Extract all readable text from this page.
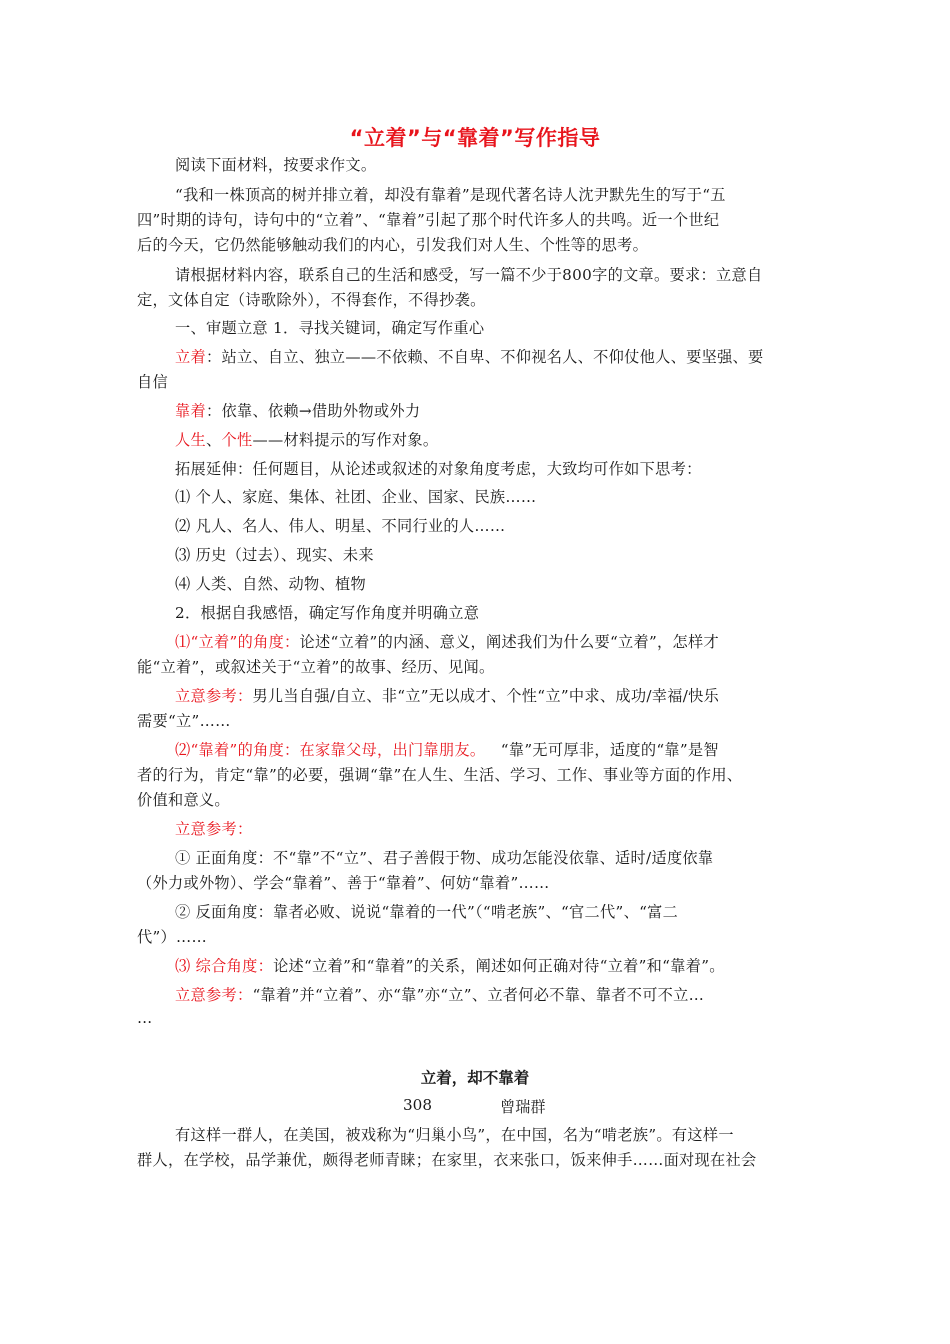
“立着”与“靠着”写作指导
阅读下面材料，按要求作文。
“我和一株顶高的树并排立着，却没有靠着”是现代著名诗人沈尹默先生的写于“五
四”时期的诗句，诗句中的“立着”、“靠着”引起了那个时代许多人的共鸣。近一个世纪
后的今天，它仍然能够触动我们的内心，引发我们对人生、个性等的思考。
请根据材料内容，联系自己的生活和感受，写一篇不少于800字的文章。要求：立意自
定，文体自定（诗歌除外），不得套作，不得抄袭。
一、审题立意 1．寻找关键词，确定写作重心
立着：站立、自立、独立——不依赖、不自卑、不仰视名人、不仰仗他人、要坚强、要
自信
靠着：依靠、依赖→借助外物或外力
人生、个性——材料提示的写作对象。
拓展延伸：任何题目，从论述或叙述的对象角度考虑，大致均可作如下思考：
⑴ 个人、家庭、集体、社团、企业、国家、民族……
⑵ 凡人、名人、伟人、明星、不同行业的人……
⑶ 历史（过去）、现实、未来
⑷ 人类、自然、动物、植物
2．根据自我感悟，确定写作角度并明确立意
⑴“立着”的角度：论述“立着”的内涵、意义，阐述我们为什么要“立着”，怎样才
能“立着”，或叙述关于“立着”的故事、经历、见闻。
立意参考：男儿当自强/自立、非“立”无以成才、个性“立”中求、成功/幸福/快乐
需要“立”……
⑵“靠着”的角度：在家靠父母，出门靠朋友。 “靠”无可厚非，适度的“靠”是智
者的行为，肯定“靠”的必要，强调“靠”在人生、生活、学习、工作、事业等方面的作用、
价值和意义。
立意参考：
① 正面角度：不“靠”不“立”、君子善假于物、成功怎能没依靠、适时/适度依靠
（外力或外物）、学会“靠着”、善于“靠着”、何妨“靠着”……
② 反面角度：靠者必败、说说“靠着的一代”（“啃老族”、“官二代”、“富二
代”）……
⑶ 综合角度：论述“立着”和“靠着”的关系，阐述如何正确对待“立着”和“靠着”。
立意参考：“靠着”并“立着”、亦“靠”亦“立”、立者何必不靠、靠者不可不立…
…
立着，却不靠着
308	曾瑞群
有这样一群人，在美国，被戏称为“归巢小鸟”，在中国，名为“啃老族”。有这样一
群人，在学校，品学兼优，颇得老师青睐；在家里，衣来张口，饭来伸手……面对现在社会
